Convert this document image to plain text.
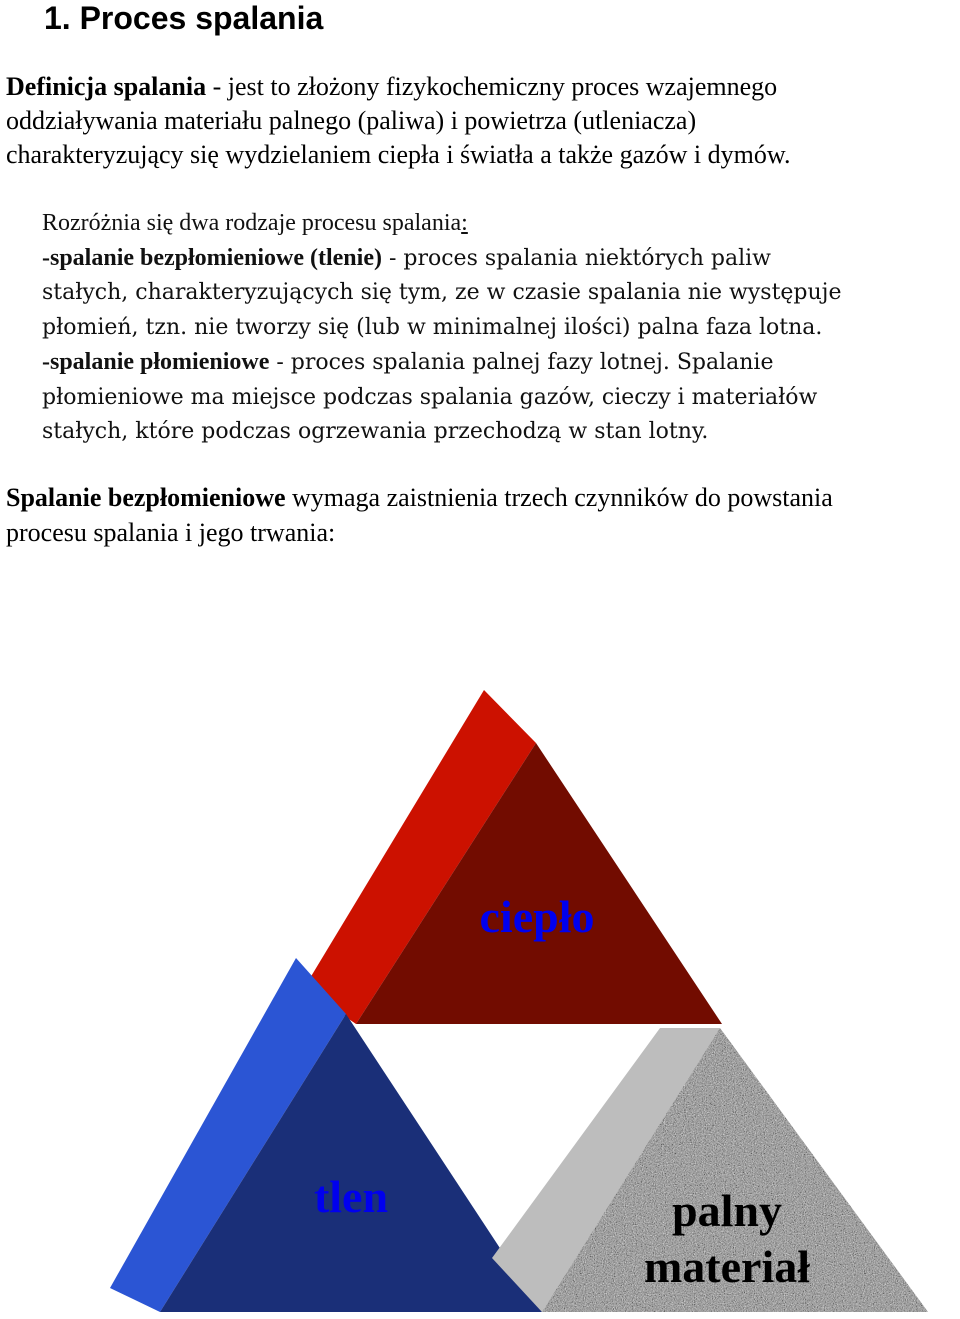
1. Proces spalania
Definicja spalania - jest to złożony fizykochemiczny proces wzajemnego
oddziaływania materiału palnego (paliwa) i powietrza (utleniacza)
charakteryzujący się wydzielaniem ciepła i światła a także gazów i dymów.
Rozróżnia się dwa rodzaje procesu spalania:
-spalanie bezpłomieniowe (tlenie) - proces spalania niektórych paliw
stałych, charakteryzujących się tym, ze w czasie spalania nie występuje
płomień, tzn. nie tworzy się (lub w minimalnej ilości) palna faza lotna.
-spalanie płomieniowe - proces spalania palnej fazy lotnej. Spalanie
płomieniowe ma miejsce podczas spalania gazów, cieczy i materiałów
stałych, które podczas ogrzewania przechodzą w stan lotny.
Spalanie bezpłomieniowe wymaga zaistnienia trzech czynników do powstania
procesu spalania i jego trwania:
ciepło
tlen	palny
materiał
